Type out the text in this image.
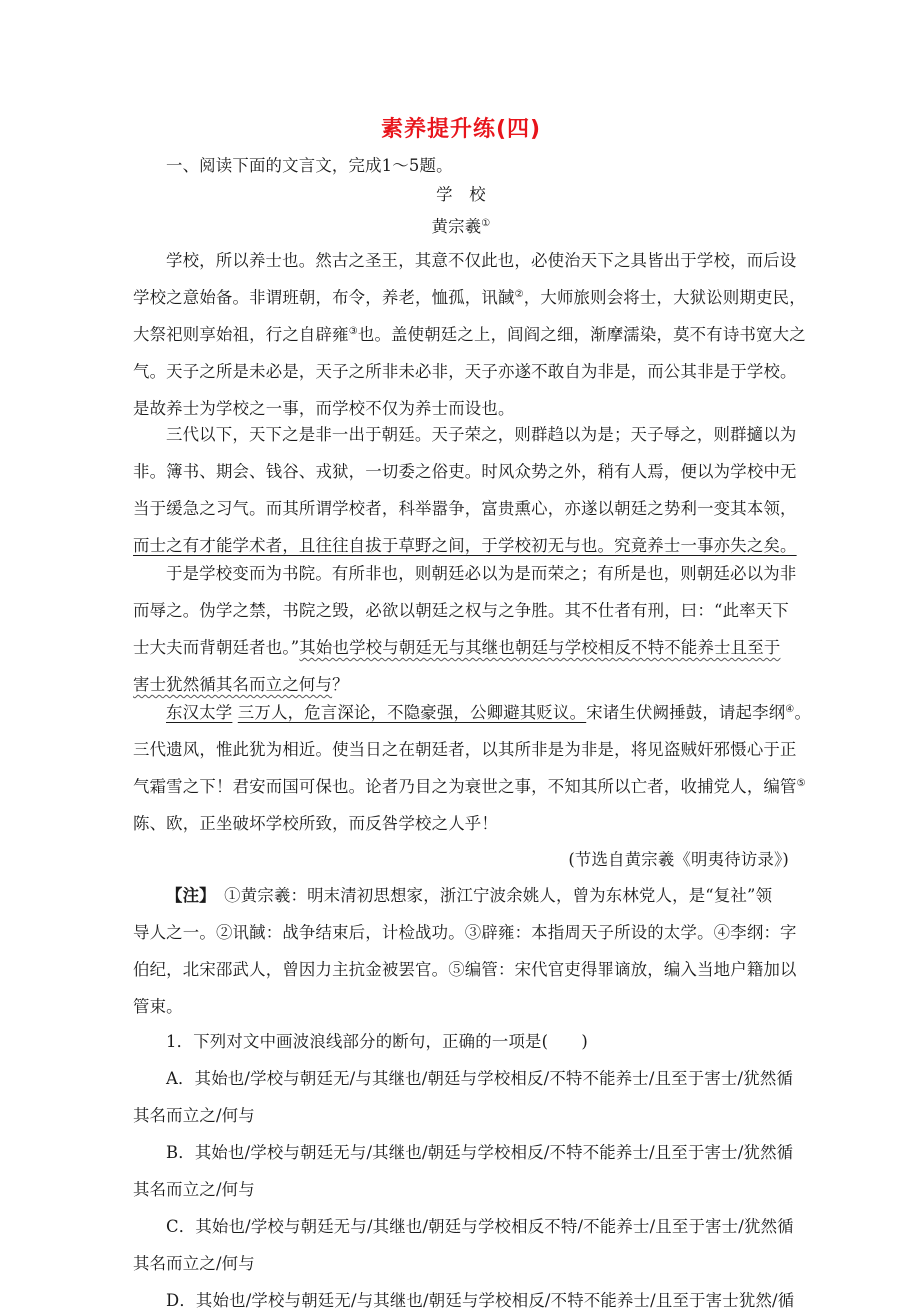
素养提升练(四)
一、阅读下面的文言文，完成1～5题。
学　校
黄宗羲①
学校，所以养士也。然古之圣王，其意不仅此也，必使治天下之具皆出于学校，而后设
学校之意始备。非谓班朝，布令，养老，恤孤，讯馘②，大师旅则会将士，大狱讼则期吏民，
大祭祀则享始祖，行之自辟雍③也。盖使朝廷之上，闾阎之细，渐摩濡染，莫不有诗书宽大之
气。天子之所是未必是，天子之所非未必非，天子亦遂不敢自为非是，而公其非是于学校。
是故养士为学校之一事，而学校不仅为养士而设也。
三代以下，天下之是非一出于朝廷。天子荣之，则群趋以为是；天子辱之，则群擿以为
非。簿书、期会、钱谷、戎狱，一切委之俗吏。时风众势之外，稍有人焉，便以为学校中无
当于缓急之习气。而其所谓学校者，科举嚣争，富贵熏心，亦遂以朝廷之势利一变其本领，
而士之有才能学术者，且往往自拔于草野之间，于学校初无与也。究竟养士一事亦失之矣。
于是学校变而为书院。有所非也，则朝廷必以为是而荣之；有所是也，则朝廷必以为非
而辱之。伪学之禁，书院之毁，必欲以朝廷之权与之争胜。其不仕者有刑，曰：“此率天下
士大夫而背朝廷者也。”其始也学校与朝廷无与其继也朝廷与学校相反不特不能养士且至于
害士犹然循其名而立之何与？
东汉太学 三万人，危言深论，不隐豪强，公卿避其贬议。宋诸生伏阙捶鼓，请起李纲④。
三代遗风，惟此犹为相近。使当日之在朝廷者，以其所非是为非是，将见盗贼奸邪慑心于正
气霜雪之下！君安而国可保也。论者乃目之为衰世之事，不知其所以亡者，收捕党人，编管⑤
陈、欧，正坐破坏学校所致，而反咎学校之人乎！
(节选自黄宗羲《明夷待访录》)
【注】　 ①黄宗羲：明末清初思想家，浙江宁波余姚人，曾为东林党人，是“复社”领
导人之一。②讯馘：战争结束后，计检战功。③辟雍：本指周天子所设的太学。④李纲：字
伯纪，北宋邵武人，曾因力主抗金被罢官。⑤编管：宋代官吏得罪谪放，编入当地户籍加以
管束。
1．下列对文中画波浪线部分的断句，正确的一项是(　　)
A．其始也/学校与朝廷无/与其继也/朝廷与学校相反/不特不能养士/且至于害士/犹然循
其名而立之/何与
B．其始也/学校与朝廷无与/其继也/朝廷与学校相反/不特不能养士/且至于害士/犹然循
其名而立之/何与
C．其始也/学校与朝廷无与/其继也/朝廷与学校相反不特/不能养士/且至于害士/犹然循
其名而立之/何与
D．其始也/学校与朝廷无/与其继也/朝廷与学校相反/不特不能养士/且至于害士犹然/循
